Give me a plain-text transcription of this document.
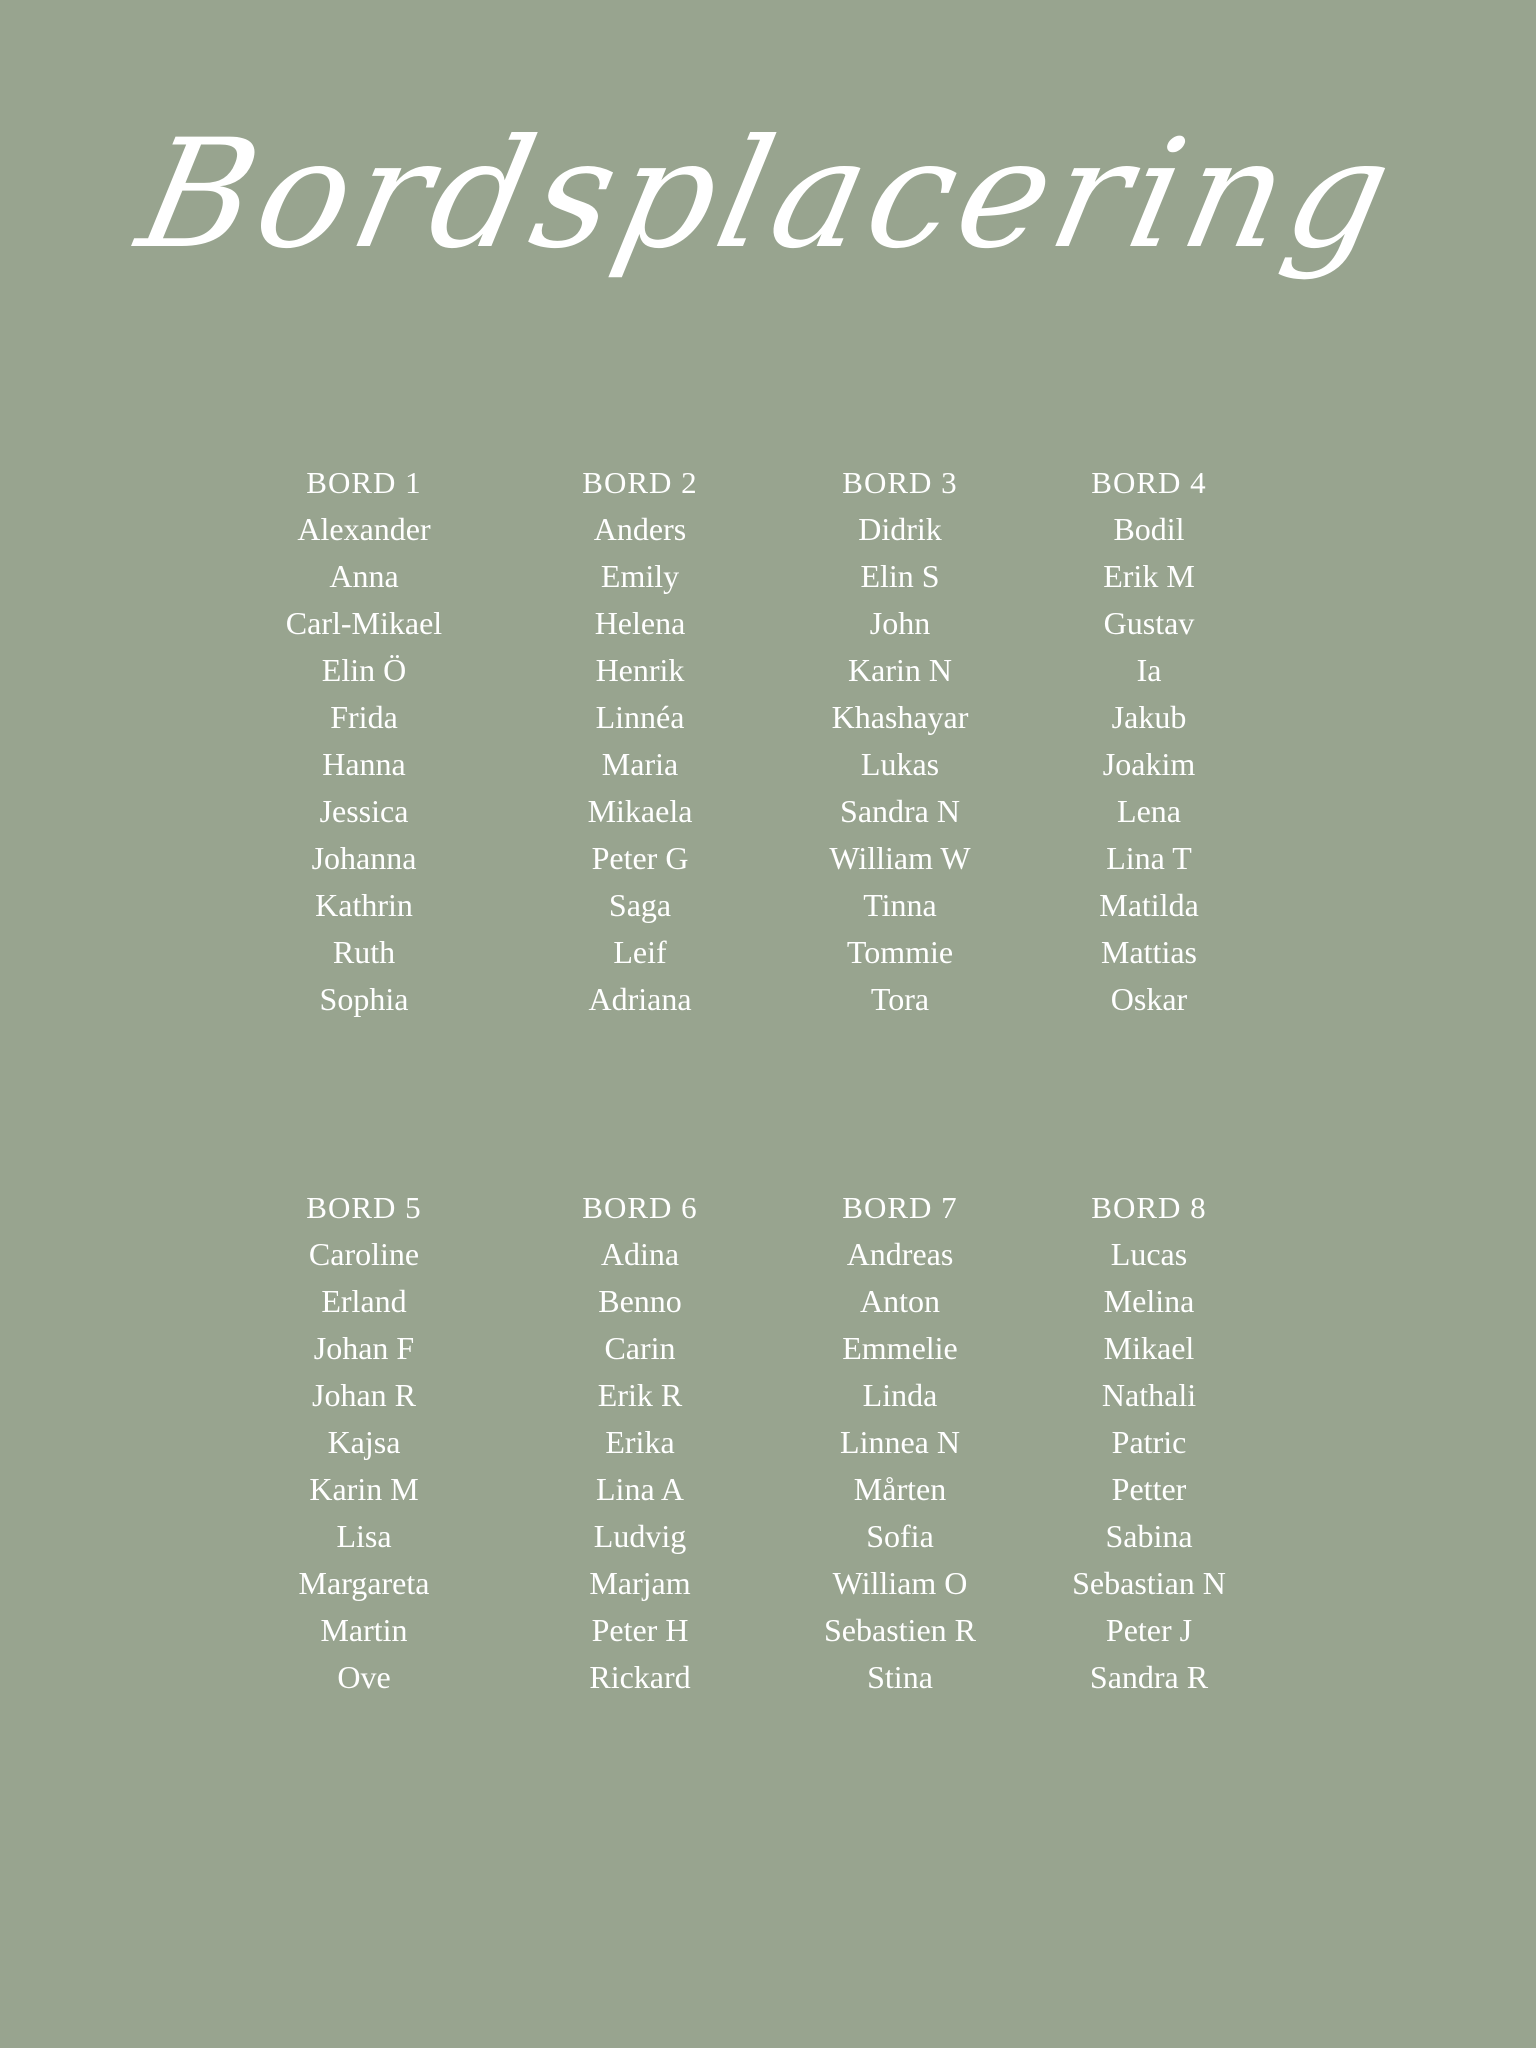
Bordsplacering
BORD 1
Alexander
Anna
Carl-Mikael
Elin Ö
Frida
Hanna
Jessica
Johanna
Kathrin
Ruth
Sophia
BORD 2
Anders
Emily
Helena
Henrik
Linnéa
Maria
Mikaela
Peter G
Saga
Leif
Adriana
BORD 3
Didrik
Elin S
John
Karin N
Khashayar
Lukas
Sandra N
William W
Tinna
Tommie
Tora
BORD 4
Bodil
Erik M
Gustav
Ia
Jakub
Joakim
Lena
Lina T
Matilda
Mattias
Oskar
BORD 5
Caroline
Erland
Johan F
Johan R
Kajsa
Karin M
Lisa
Margareta
Martin
Ove
BORD 6
Adina
Benno
Carin
Erik R
Erika
Lina A
Ludvig
Marjam
Peter H
Rickard
BORD 7
Andreas
Anton
Emmelie
Linda
Linnea N
Mårten
Sofia
William O
Sebastien R
Stina
BORD 8
Lucas
Melina
Mikael
Nathali
Patric
Petter
Sabina
Sebastian N
Peter J
Sandra R
